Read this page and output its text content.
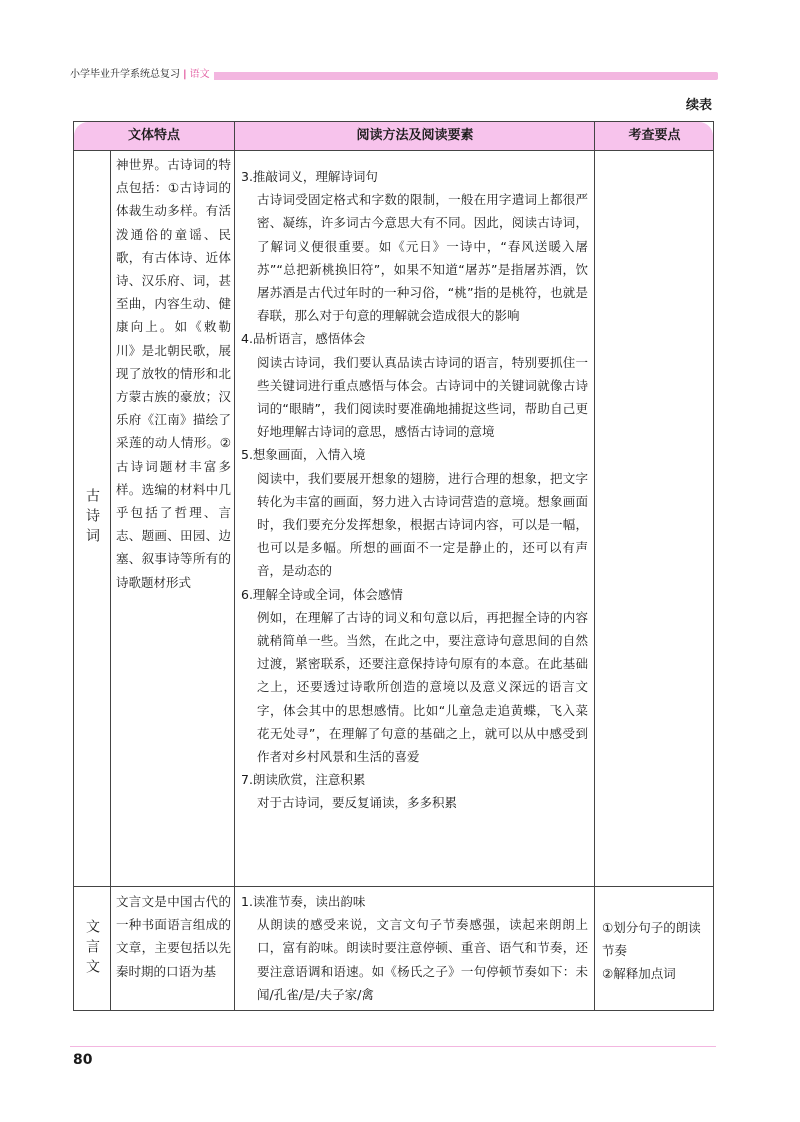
小学毕业升学系统总复习 | 语文
续表
文体特点	阅读方法及阅读要素	考查要点
古诗词
神世界。古诗词的特点包括：①古诗词的体裁生动多样。有活泼通俗的童谣、民歌，有古体诗、近体诗、汉乐府、词，甚至曲，内容生动、健康向上。如《敕勒川》是北朝民歌，展现了放牧的情形和北方蒙古族的豪放；汉乐府《江南》描绘了采莲的动人情形。②古诗词题材丰富多样。选编的材料中几乎包括了哲理、言志、题画、田园、边塞、叙事诗等所有的诗歌题材形式
3.推敲词义，理解诗词句
古诗词受固定格式和字数的限制，一般在用字遣词上都很严密、凝练，许多词古今意思大有不同。因此，阅读古诗词，了解词义便很重要。如《元日》一诗中，“春风送暖入屠苏”“总把新桃换旧符”，如果不知道“屠苏”是指屠苏酒，饮屠苏酒是古代过年时的一种习俗，“桃”指的是桃符，也就是春联，那么对于句意的理解就会造成很大的影响
4.品析语言，感悟体会
阅读古诗词，我们要认真品读古诗词的语言，特别要抓住一些关键词进行重点感悟与体会。古诗词中的关键词就像古诗词的“眼睛”，我们阅读时要准确地捕捉这些词，帮助自己更好地理解古诗词的意思，感悟古诗词的意境
5.想象画面，入情入境
阅读中，我们要展开想象的翅膀，进行合理的想象，把文字转化为丰富的画面，努力进入古诗词营造的意境。想象画面时，我们要充分发挥想象，根据古诗词内容，可以是一幅，也可以是多幅。所想的画面不一定是静止的，还可以有声音，是动态的
6.理解全诗或全词，体会感情
例如，在理解了古诗的词义和句意以后，再把握全诗的内容就稍简单一些。当然，在此之中，要注意诗句意思间的自然过渡，紧密联系，还要注意保持诗句原有的本意。在此基础之上，还要透过诗歌所创造的意境以及意义深远的语言文字，体会其中的思想感情。比如“儿童急走追黄蝶，飞入菜花无处寻”，在理解了句意的基础之上，就可以从中感受到作者对乡村风景和生活的喜爱
7.朗读欣赏，注意积累
对于古诗词，要反复诵读，多多积累
文言文
文言文是中国古代的一种书面语言组成的文章，主要包括以先秦时期的口语为基
1.读准节奏，读出韵味
从朗读的感受来说，文言文句子节奏感强，读起来朗朗上口，富有韵味。朗读时要注意停顿、重音、语气和节奏，还要注意语调和语速。如《杨氏之子》一句停顿节奏如下：未闻/孔雀/是/夫子家/禽
①划分句子的朗读节奏
②解释加点词
80
